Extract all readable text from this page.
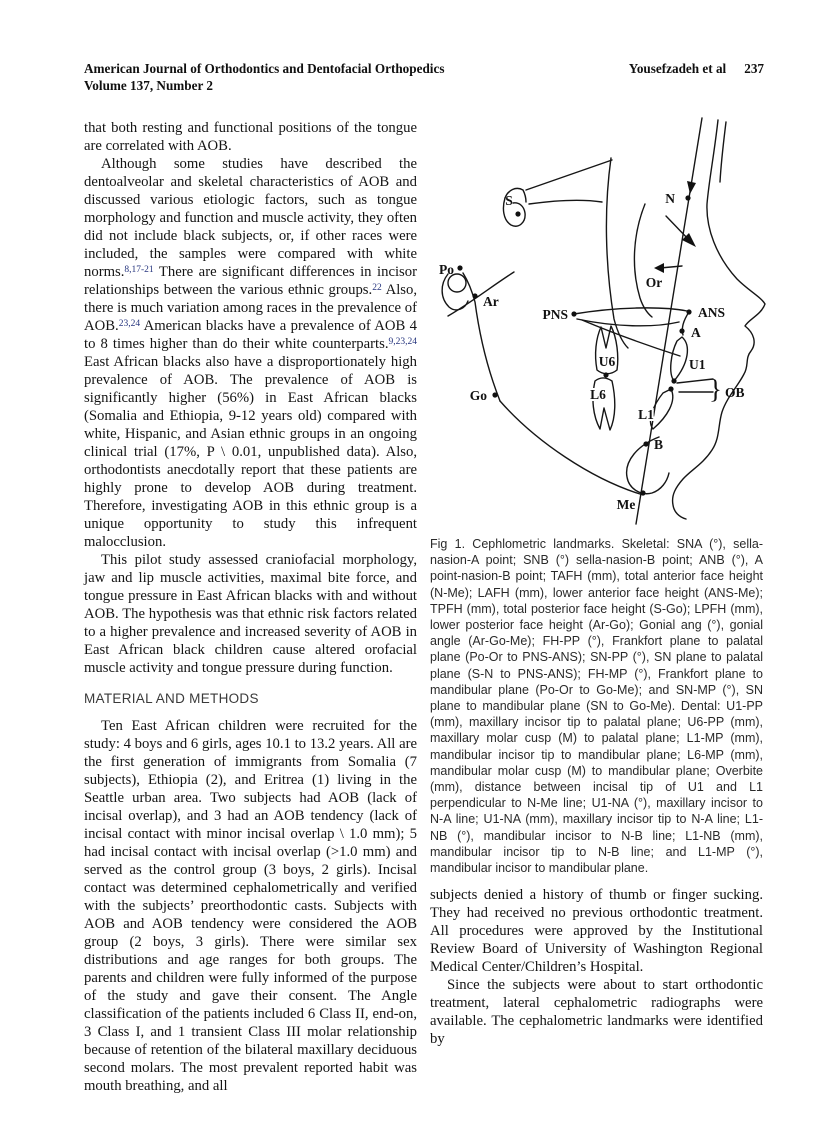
American Journal of Orthodontics and Dentofacial Orthopedics
Volume 137, Number 2
Yousefzadeh et al 237

that both resting and functional positions of the tongue are correlated with AOB.

Although some studies have described the dentoalveolar and skeletal characteristics of AOB and discussed various etiologic factors, such as tongue morphology and function and muscle activity, they often did not include black subjects, or, if other races were included, the samples were compared with white norms.$^{8,17-21}$ There are significant differences in incisor relationships between the various ethnic groups.$^{22}$ Also, there is much variation among races in the prevalence of AOB.$^{23,24}$ American blacks have a prevalence of AOB 4 to 8 times higher than do their white counterparts.$^{9,23,24}$ East African blacks also have a disproportionately high prevalence of AOB. The prevalence of AOB is significantly higher (56%) in East African blacks (Somalia and Ethiopia, 9-12 years old) compared with white, Hispanic, and Asian ethnic groups in an ongoing clinical trial (17%, P \ 0.01, unpublished data). Also, orthodontists anecdotally report that these patients are highly prone to develop AOB during treatment. Therefore, investigating AOB in this ethnic group is a unique opportunity to study this infrequent malocclusion.

This pilot study assessed craniofacial morphology, jaw and lip muscle activities, maximal bite force, and tongue pressure in East African blacks with and without AOB. The hypothesis was that ethnic risk factors related to a higher prevalence and increased severity of AOB in East African black children cause altered orofacial muscle activity and tongue pressure during function.

MATERIAL AND METHODS

Ten East African children were recruited for the study: 4 boys and 6 girls, ages 10.1 to 13.2 years. All are the first generation of immigrants from Somalia (7 subjects), Ethiopia (2), and Eritrea (1) living in the Seattle urban area. Two subjects had AOB (lack of incisal overlap), and 3 had an AOB tendency (lack of incisal contact with minor incisal overlap \ 1.0 mm); 5 had incisal contact with incisal overlap (>1.0 mm) and served as the control group (3 boys, 2 girls). Incisal contact was determined cephalometrically and verified with the subjects’ preorthodontic casts. Subjects with AOB and AOB tendency were considered the AOB group (2 boys, 3 girls). There were similar sex distributions and age ranges for both groups. The parents and children were fully informed of the purpose of the study and gave their consent. The Angle classification of the patients included 6 Class II, end-on, 3 Class I, and 1 transient Class III molar relationship because of retention of the bilateral maxillary deciduous second molars. The most prevalent reported habit was mouth breathing, and all

}
Po
Ar
S	N
Or
PNS	ANS
A
U6
L6
U1
OB
Go
L1
B
Me
Fig 1. Cephlometric landmarks. Skeletal: SNA (°), sella-nasion-A point; SNB (°) sella-nasion-B point; ANB (°), A point-nasion-B point; TAFH (mm), total anterior face height (N-Me); LAFH (mm), lower anterior face height (ANS-Me); TPFH (mm), total posterior face height (S-Go); LPFH (mm), lower posterior face height (Ar-Go); Gonial ang (°), gonial angle (Ar-Go-Me); FH-PP (°), Frankfort plane to palatal plane (Po-Or to PNS-ANS); SN-PP (°), SN plane to palatal plane (S-N to PNS-ANS); FH-MP (°), Frankfort plane to mandibular plane (Po-Or to Go-Me); and SN-MP (°), SN plane to mandibular plane (SN to Go-Me). Dental: U1-PP (mm), maxillary incisor tip to palatal plane; U6-PP (mm), maxillary molar cusp (M) to palatal plane; L1-MP (mm), mandibular incisor tip to mandibular plane; L6-MP (mm), mandibular molar cusp (M) to mandibular plane; Overbite (mm), distance between incisal tip of U1 and L1 perpendicular to N-Me line; U1-NA (°), maxillary incisor to N-A line; U1-NA (mm), maxillary incisor tip to N-A line; L1-NB (°), mandibular incisor to N-B line; L1-NB (mm), mandibular incisor tip to N-B line; and L1-MP (°), mandibular incisor to mandibular plane.

subjects denied a history of thumb or finger sucking. They had received no previous orthodontic treatment. All procedures were approved by the Institutional Review Board of University of Washington Regional Medical Center/Children’s Hospital.

Since the subjects were about to start orthodontic treatment, lateral cephalometric radiographs were available. The cephalometric landmarks were identified by
